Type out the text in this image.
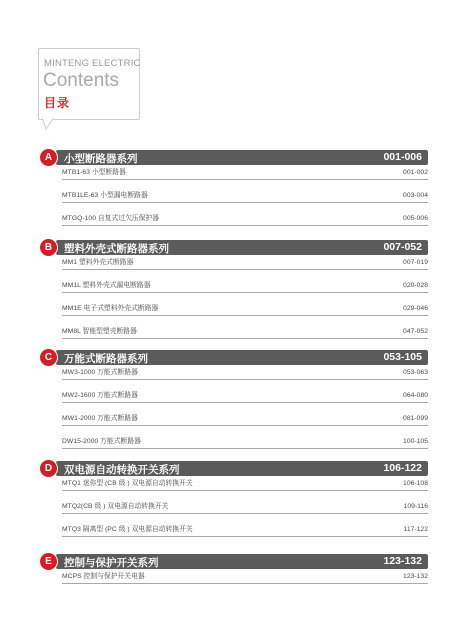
MINTENG ELECTRIC
Contents
目录
A	小型断路器系列	001-006
MTB1-63 小型断路器	001-002
MTB1LE-63 小型漏电断路器	003-004
MTGQ-100 自复式过欠压保护器	005-006
B	塑料外壳式断路器系列	007-052
MM1 塑料外壳式断路器	007-019
MM1L 塑料外壳式漏电断路器	020-028
MM1E 电子式塑料外壳式断路器	029-046
MM8L 智能型塑壳断路器	047-052
C	万能式断路器系列	053-105
MW3-1000 万能式断路器	053-063
MW2-1600 万能式断路器	064-080
MW1-2000 万能式断路器	081-099
DW15-2000 万能式断路器	100-105
D	双电源自动转换开关系列	106-122
MTQ1 迷你型 (CB 级 ) 双电源自动转换开关	106-108
MTQ2(CB 级 ) 双电源自动转换开关	109-116
MTQ3 隔离型 (PC 级 ) 双电源自动转换开关	117-122
E	控制与保护开关系列	123-132
MCPS 控制与保护开关电器	123-132
